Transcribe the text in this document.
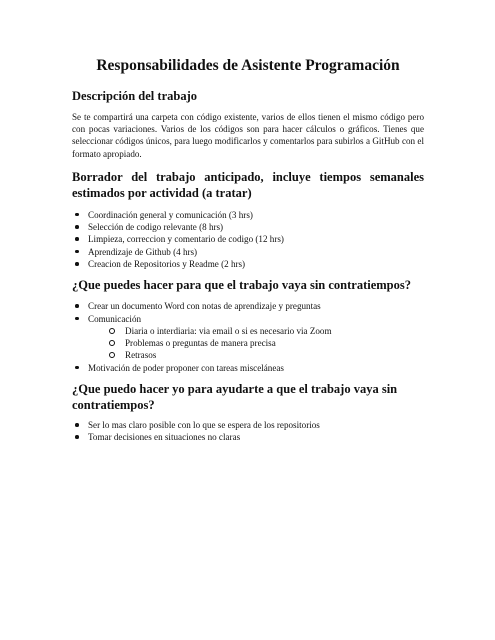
Responsabilidades de Asistente Programación
Descripción del trabajo

Se te compartirá una carpeta con código existente, varios de ellos tienen el mismo código pero con pocas variaciones. Varios de los códigos son para hacer cálculos o gráficos. Tienes que seleccionar códigos únicos, para luego modificarlos y comentarlos para subirlos a GitHub con el formato apropiado.

Borrador del trabajo anticipado, incluye tiempos semanales estimados por actividad (a tratar)
Coordinación general y comunicación (3 hrs)
Selección de codigo relevante (8 hrs)
Limpieza, correccion y comentario de codigo (12 hrs)
Aprendizaje de Github (4 hrs)
Creacion de Repositorios y Readme (2 hrs)
¿Que puedes hacer para que el trabajo vaya sin contratiempos?
Crear un documento Word con notas de aprendizaje y preguntas
Comunicación
Diaria o interdiaria: via email o si es necesario via Zoom
Problemas o preguntas de manera precisa
Retrasos
Motivación de poder proponer con tareas misceláneas
¿Que puedo hacer yo para ayudarte a que el trabajo vaya sin contratiempos?
Ser lo mas claro posible con lo que se espera de los repositorios
Tomar decisiones en situaciones no claras
